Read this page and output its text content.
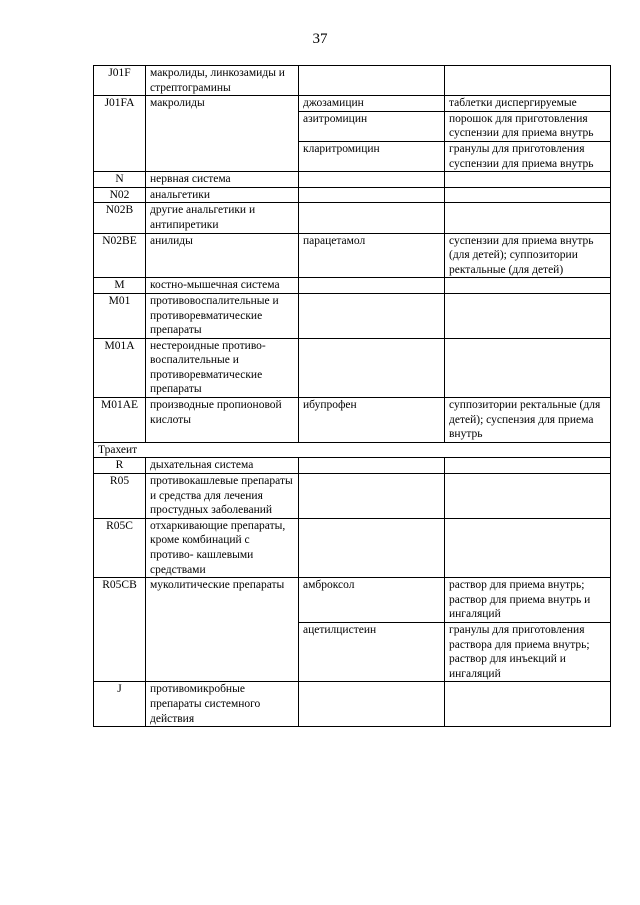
37
J01F	макролиды, линкозамиды и стрептограмины		
J01FA	макролиды	джозамицин	таблетки диспергируемые
		азитромицин	порошок для приготовления суспензии для приема внутрь
		кларитромицин	гранулы для приготовления суспензии для приема внутрь
N	нервная система		
N02	анальгетики		
N02B	другие анальгетики и антипиретики		
N02BE	анилиды	парацетамол	суспензии для приема внутрь (для детей); суппозитории ректальные (для детей)
M	костно-мышечная система		
M01	противовоспалительные и противоревматические препараты		
M01A	нестероидные противо- воспалительные и противоревматические препараты		
M01AE	производные пропионовой кислоты	ибупрофен	суппозитории ректальные (для детей); суспензия для приема внутрь
Трахеит			
R	дыхательная система		
R05	противокашлевые препараты и средства для лечения простудных заболеваний		
R05C	отхаркивающие препараты, кроме комбинаций с противо- кашлевыми средствами		
R05CB	муколитические препараты	амброксол	раствор для приема внутрь; раствор для приема внутрь и ингаляций
		ацетилцистеин	гранулы для приготовления раствора для приема внутрь; раствор для инъекций и ингаляций
J	противомикробные препараты системного действия		
